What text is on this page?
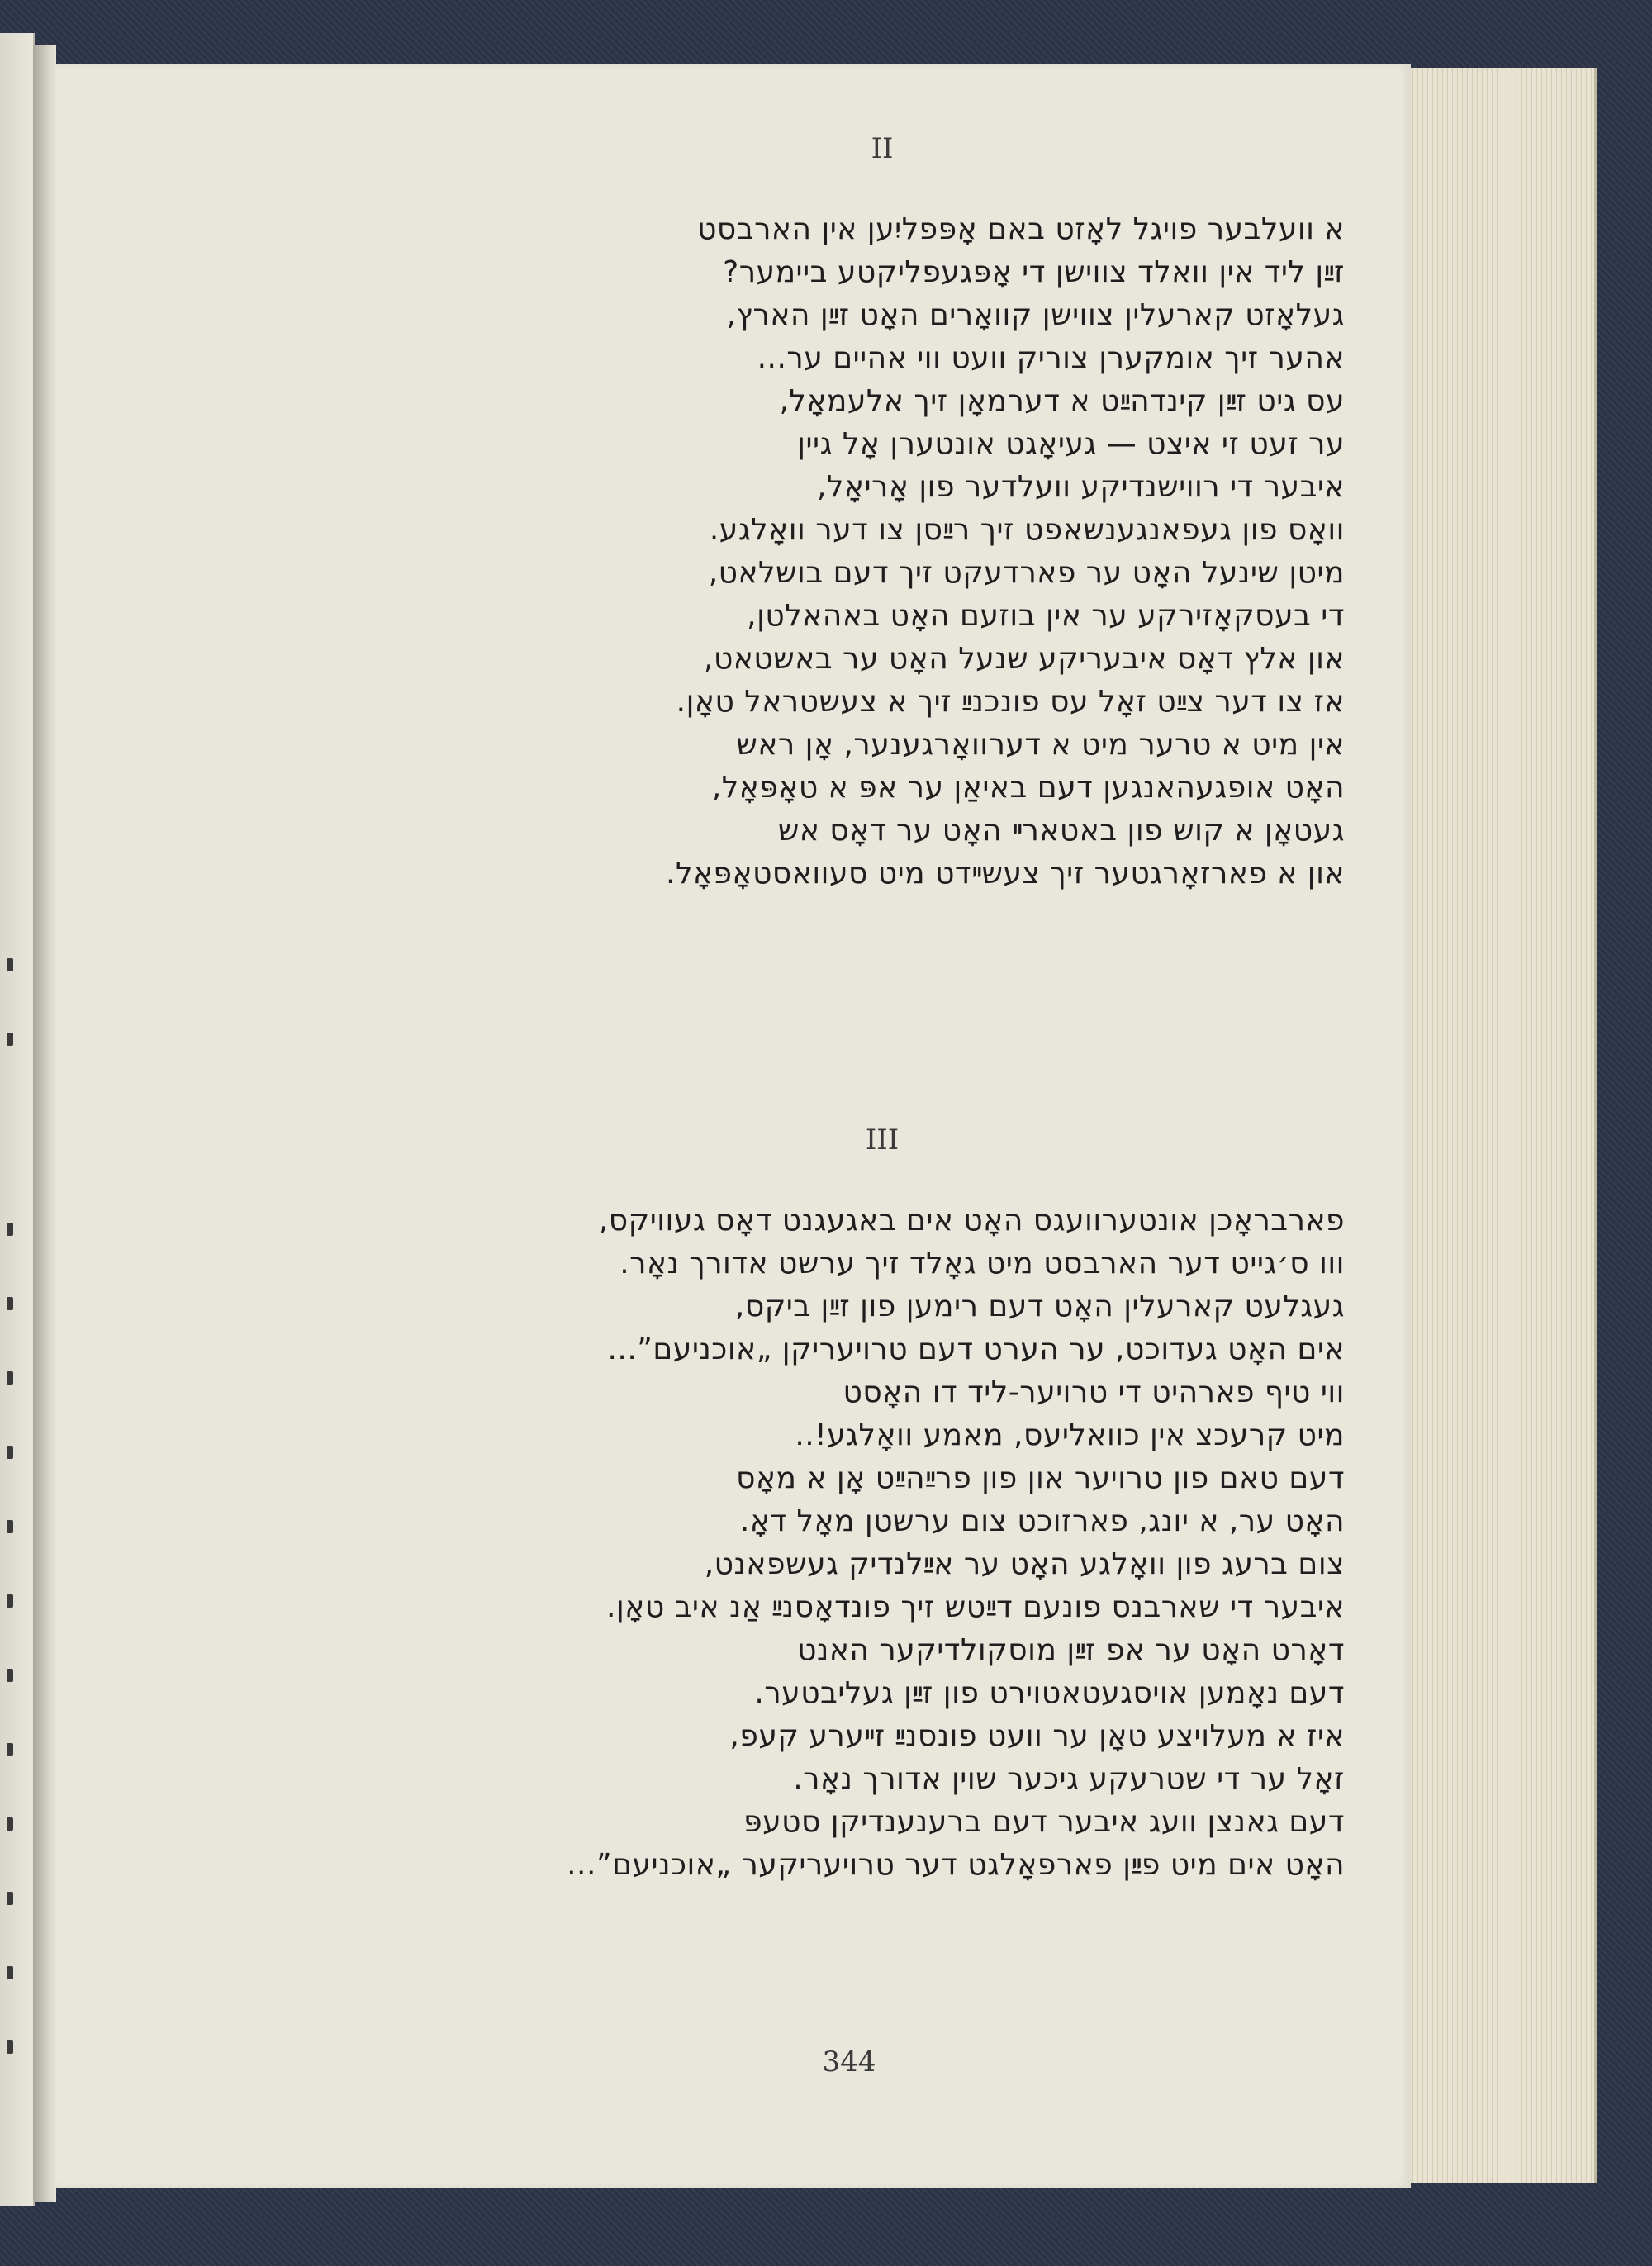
II
א וועלבער פויגל לאָזט באם אָפּפליִען אין הארבסט
זײַן ליד אין וואלד צווישן די אָפּגעפליקטע ביימער?
געלאָזט קארעלין צווישן קוואָרים האָט זײַן הארץ,
אהער זיך אומקערן צוריק וועט ווי אהיים ער...
עס גיט זײַן קינדהײַט א דערמאָן זיך אלעמאָל,
ער זעט זי איצט — געיאָגט אונטערן אָל גיין
איבער די רווישנדיקע וועלדער פון אָריאָל,
וואָס פון געפאנגענשאפט זיך רײַסן צו דער וואָלגע.
מיטן שינעל האָט ער פארדעקט זיך דעם בושלאט,
די בעסקאָזירקע ער אין בוזעם האָט באהאלטן,
און אלץ דאָס איבעריקע שנעל האָט ער באשטאט,
אז צו דער צײַט זאָל עס פונכנײַ זיך א צעשטראל טאָן.
אין מיט א טרער מיט א דערוואָרגענער, אָן ראש
האָט אופגעהאנגען דעם באיאַן ער אפּ א טאָפּאָל,
געטאָן א קוש פון באטארײ האָט ער דאָס אש
און א פארזאָרגטער זיך צעשײדט מיט סעוואסטאָפּאָל.
III
פארבראָכן אונטערוועגס האָט אים באגעגנט דאָס געוויקס,
ווו ס׳גייט דער הארבסט מיט גאָלד זיך ערשט אדורך נאָר.
געגלעט קארעלין האָט דעם רימען פון זײַן ביקס,
אים האָט געדוכט, ער הערט דעם טרויעריקן „אוכניעם”...
ווי טיף פארהיט די טרויער-ליד דו האָסט
מיט קרעכצ אין כוואליעס, מאמע וואָלגע!..
דעם טאם פון טרויער און פון פרײַהײַט אָן א מאָס
האָט ער, א יונג, פארזוכט צום ערשטן מאָל דאָ.
צום ברעג פון וואָלגע האָט ער אײַלנדיק געשפאנט,
איבער די שארבנס פונעם דײַטש זיך פונדאָסנײַ אַנ איב טאָן.
דאָרט האָט ער אפ זײַן מוסקולדיקער האנט
דעם נאָמען אויסגעטאטוירט פון זײַן געליבטער.
איז א מעלויצע טאָן ער וועט פונסנײַ זײערע קעפ,
זאָל ער די שטרעקע גיכער שוין אדורך נאָר.
דעם גאנצן וועג איבער דעם ברענענדיקן סטעפּ
האָט אים מיט פײַן פארפאָלגט דער טרויעריקער „אוכניעם”...
344
